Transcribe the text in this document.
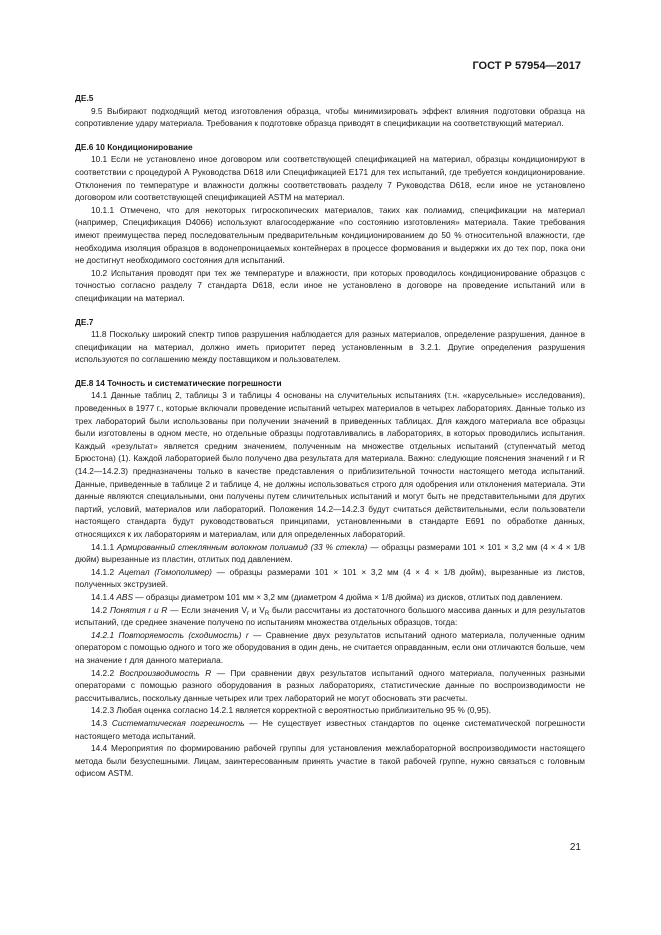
ГОСТ Р 57954—2017
ДЕ.5

9.5 Выбирают подходящий метод изготовления образца, чтобы минимизировать эффект влияния подготовки образца на сопротивление удару материала. Требования к подготовке образца приводят в спецификации на соответствующий материал.

ДЕ.6 10 Кондиционирование

10.1 Если не установлено иное договором или соответствующей спецификацией на материал, образцы кондиционируют в соответствии с процедурой А Руководства D618 или Спецификацией Е171 для тех испытаний, где требуется кондиционирование. Отклонения по температуре и влажности должны соответствовать разделу 7 Руководства D618, если иное не установлено договором или соответствующей спецификацией ASTM на материал.

10.1.1 Отмечено, что для некоторых гигроскопических материалов, таких как полиамид, спецификации на материал (например, Спецификация D4066) используют влагосодержание «по состоянию изготовления» материала. Такие требования имеют преимущества перед последовательным предварительным кондиционированием до 50 % относительной влажности, где необходима изоляция образцов в водонепроницаемых контейнерах в процессе формования и выдержки их до тех пор, пока они не достигнут необходимого состояния для испытаний.

10.2 Испытания проводят при тех же температуре и влажности, при которых проводилось кондиционирование образцов с точностью согласно разделу 7 стандарта D618, если иное не установлено в договоре на проведение испытаний или в спецификации на материал.

ДЕ.7

11.8 Поскольку широкий спектр типов разрушения наблюдается для разных материалов, определение разрушения, данное в спецификации на материал, должно иметь приоритет перед установленным в 3.2.1. Другие определения разрушения используются по соглашению между поставщиком и пользователем.

ДЕ.8 14 Точность и систематические погрешности

14.1 Данные таблиц 2, таблицы 3 и таблицы 4 основаны на случительных испытаниях (т.н. «карусельные» исследования), проведенных в 1977 г., которые включали проведение испытаний четырех материалов в четырех лабораториях. Данные только из трех лабораторий были использованы при получении значений в приведенных таблицах. Для каждого материала все образцы были изготовлены в одном месте, но отдельные образцы подготавливались в лабораториях, в которых проводились испытания. Каждый «результат» является средним значением, полученным на множестве отдельных испытаний (ступенчатый метод Брюстона) (1). Каждой лабораторией было получено два результата для материала. Важно: следующие пояснения значений r и R (14.2—14.2.3) предназначены только в качестве представления о приблизительной точности настоящего метода испытаний. Данные, приведенные в таблице 2 и таблице 4, не должны использоваться строго для одобрения или отклонения материала. Эти данные являются специальными, они получены путем сличительных испытаний и могут быть не представительными для других партий, условий, материалов или лабораторий. Положения 14.2—14.2.3 будут считаться действительными, если пользователи настоящего стандарта будут руководствоваться принципами, установленными в стандарте Е691 по обработке данных, относящихся к их лабораториям и материалам, или для определенных лабораторий.

14.1.1 Армированный стеклянным волокном полиамид (33 % стекла) — образцы размерами 101 × 101 × 3,2 мм (4 × 4 × 1/8 дюйм) вырезанные из пластин, отлитых под давлением.

14.1.2 Ацетал (Гомополимер) — образцы размерами 101 × 101 × 3,2 мм (4 × 4 × 1/8 дюйм), вырезанные из листов, полученных экструзией.

14.1.4 ABS — образцы диаметром 101 мм × 3,2 мм (диаметром 4 дюйма × 1/8 дюйма) из дисков, отлитых под давлением.

14.2 Понятия r и R — Если значения $V_r$ и $V_R$ были рассчитаны из достаточного большого массива данных и для результатов испытаний, где среднее значение получено по испытаниям множества отдельных образцов, тогда:

14.2.1 Повторяемость (сходимость) r — Сравнение двух результатов испытаний одного материала, полученные одним оператором с помощью одного и того же оборудования в один день, не считается оправданным, если они отличаются больше, чем на значение r для данного материала.

14.2.2 Воспроизводимость R — При сравнении двух результатов испытаний одного материала, полученных разными операторами с помощью разного оборудования в разных лабораториях, статистические данные по воспроизводимости не рассчитывались, поскольку данные четырех или трех лабораторий не могут обосновать эти расчеты.

14.2.3 Любая оценка согласно 14.2.1 является корректной с вероятностью приблизительно 95 % (0,95).

14.3 Систематическая погрешность — Не существует известных стандартов по оценке систематической погрешности настоящего метода испытаний.

14.4 Мероприятия по формированию рабочей группы для установления межлабораторной воспроизводимости настоящего метода были безуспешными. Лицам, заинтересованным принять участие в такой рабочей группе, нужно связаться с головным офисом ASTM.

21
